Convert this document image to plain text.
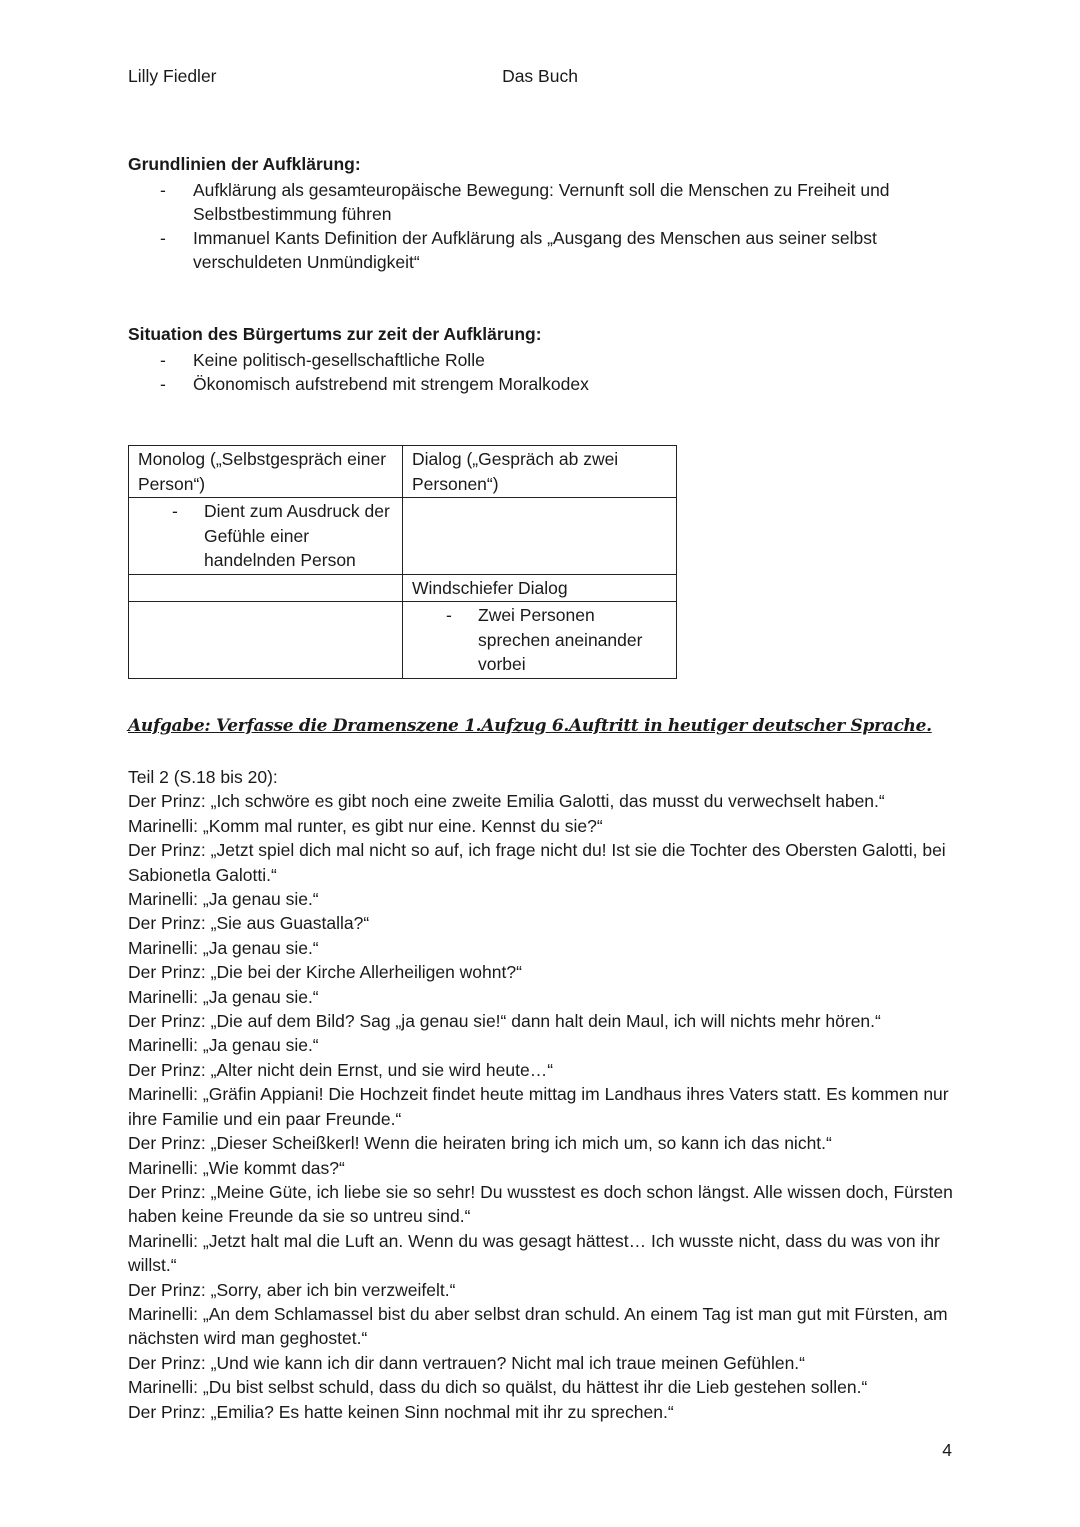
Lilly Fiedler	Das Buch
Grundlinien der Aufklärung:
- Aufklärung als gesamteuropäische Bewegung: Vernunft soll die Menschen zu Freiheit und Selbstbestimmung führen
- Immanuel Kants Definition der Aufklärung als „Ausgang des Menschen aus seiner selbst verschuldeten Unmündigkeit“
Situation des Bürgertums zur zeit der Aufklärung:
- Keine politisch-gesellschaftliche Rolle
- Ökonomisch aufstrebend mit strengem Moralkodex
Monolog („Selbstgespräch einer Person“)	Dialog („Gespräch ab zwei Personen“)

- Dient zum Ausdruck der Gefühle einer handelnden Person

	Windschiefer Dialog

	- Zwei Personen sprechen aneinander vorbei
Aufgabe: Verfasse die Dramenszene 1.Aufzug 6.Auftritt in heutiger deutscher Sprache.

Teil 2 (S.18 bis 20):

Der Prinz: „Ich schwöre es gibt noch eine zweite Emilia Galotti, das musst du verwechselt haben.“

Marinelli: „Komm mal runter, es gibt nur eine. Kennst du sie?“

Der Prinz: „Jetzt spiel dich mal nicht so auf, ich frage nicht du! Ist sie die Tochter des Obersten Galotti, bei Sabionetla Galotti.“

Marinelli: „Ja genau sie.“

Der Prinz: „Sie aus Guastalla?“

Marinelli: „Ja genau sie.“

Der Prinz: „Die bei der Kirche Allerheiligen wohnt?“

Marinelli: „Ja genau sie.“

Der Prinz: „Die auf dem Bild? Sag „ja genau sie!“ dann halt dein Maul, ich will nichts mehr hören.“

Marinelli: „Ja genau sie.“

Der Prinz: „Alter nicht dein Ernst, und sie wird heute…“

Marinelli: „Gräfin Appiani! Die Hochzeit findet heute mittag im Landhaus ihres Vaters statt. Es kommen nur ihre Familie und ein paar Freunde.“

Der Prinz: „Dieser Scheißkerl! Wenn die heiraten bring ich mich um, so kann ich das nicht.“

Marinelli: „Wie kommt das?“

Der Prinz: „Meine Güte, ich liebe sie so sehr! Du wusstest es doch schon längst. Alle wissen doch, Fürsten haben keine Freunde da sie so untreu sind.“

Marinelli: „Jetzt halt mal die Luft an. Wenn du was gesagt hättest… Ich wusste nicht, dass du was von ihr willst.“

Der Prinz: „Sorry, aber ich bin verzweifelt.“

Marinelli: „An dem Schlamassel bist du aber selbst dran schuld. An einem Tag ist man gut mit Fürsten, am nächsten wird man geghostet.“

Der Prinz: „Und wie kann ich dir dann vertrauen? Nicht mal ich traue meinen Gefühlen.“

Marinelli: „Du bist selbst schuld, dass du dich so quälst, du hättest ihr die Lieb gestehen sollen.“

Der Prinz: „Emilia? Es hatte keinen Sinn nochmal mit ihr zu sprechen.“

4
